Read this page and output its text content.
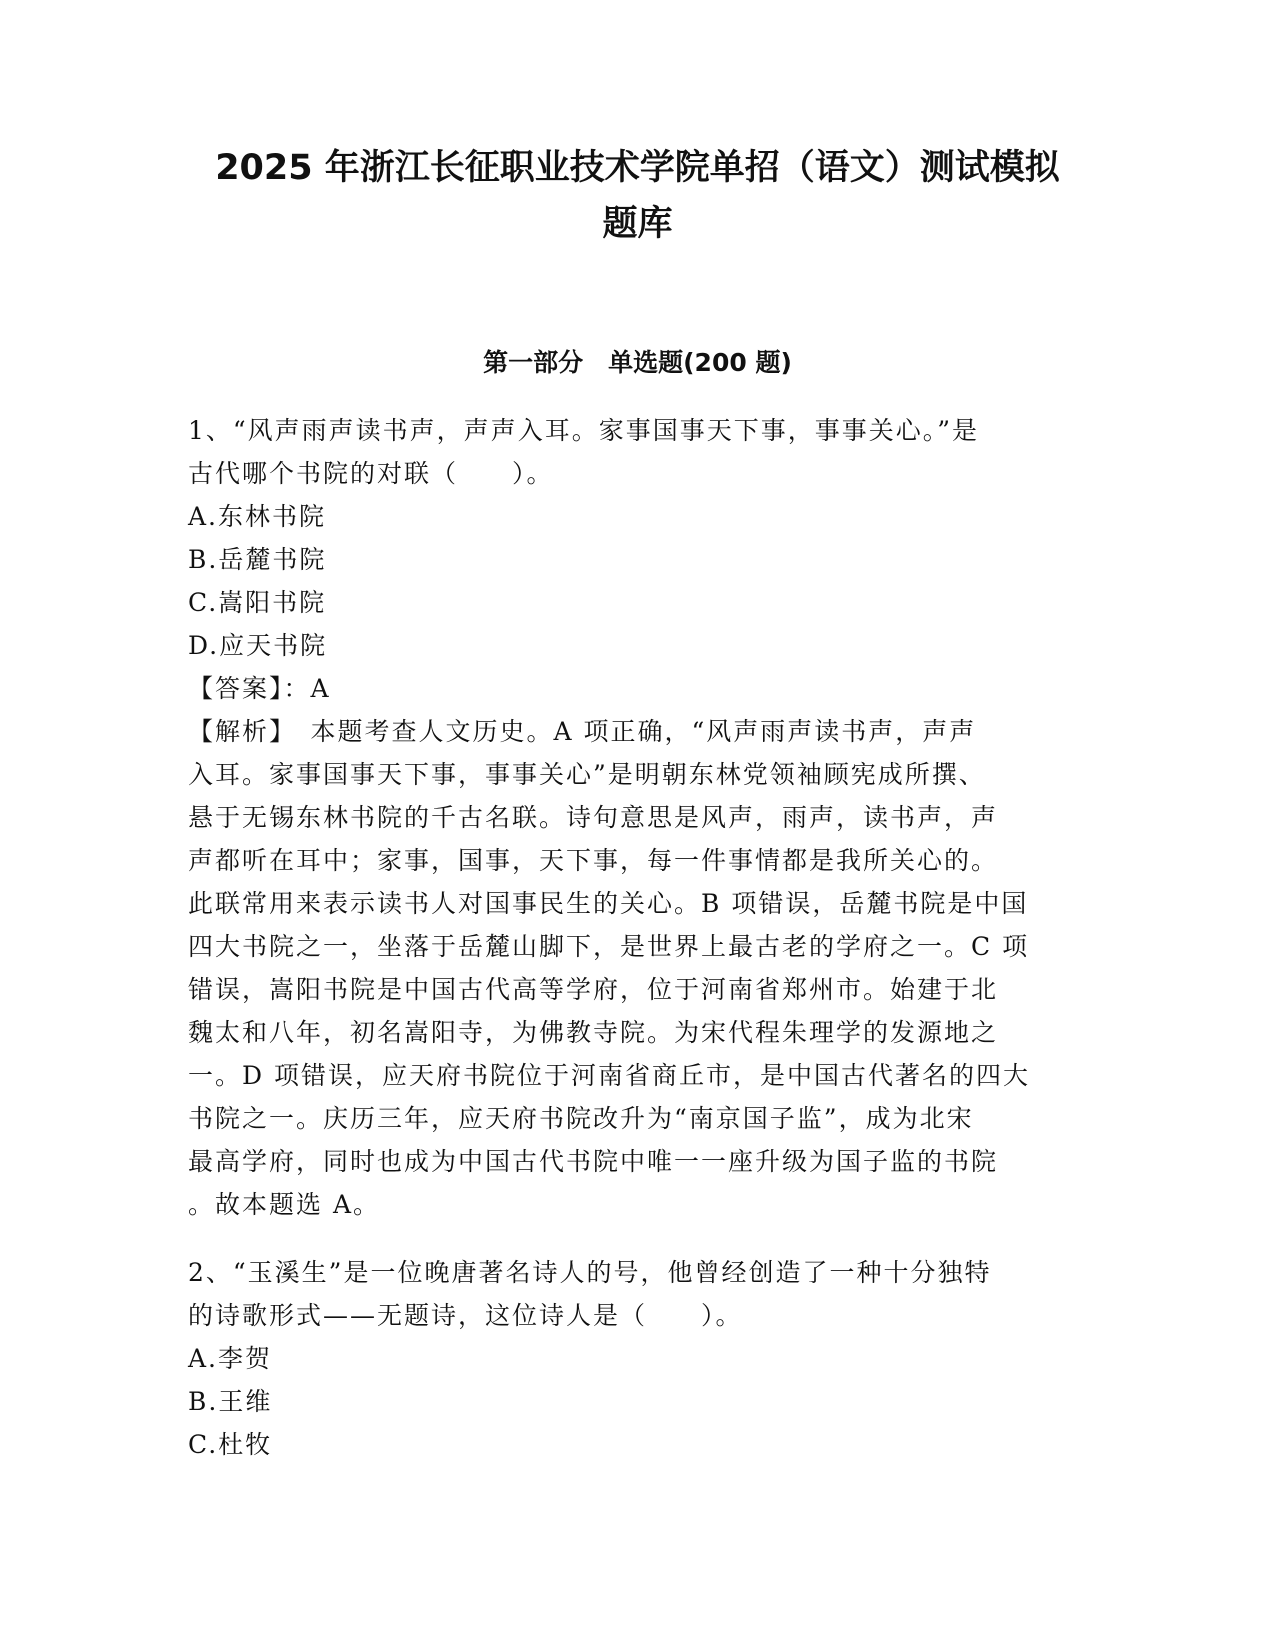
2025 年浙江长征职业技术学院单招（语文）测试模拟
题库
第一部分　单选题(200 题)
1、“风声雨声读书声，声声入耳。家事国事天下事，事事关心。”是
古代哪个书院的对联（　　）。
A.东林书院
B.岳麓书院
C.嵩阳书院
D.应天书院
【答案】：A
【解析】　本题考查人文历史。A 项正确，“风声雨声读书声，声声
入耳。家事国事天下事，事事关心”是明朝东林党领袖顾宪成所撰、
悬于无锡东林书院的千古名联。诗句意思是风声，雨声，读书声，声
声都听在耳中；家事，国事，天下事，每一件事情都是我所关心的。
此联常用来表示读书人对国事民生的关心。B 项错误，岳麓书院是中国
四大书院之一，坐落于岳麓山脚下，是世界上最古老的学府之一。C 项
错误，嵩阳书院是中国古代高等学府，位于河南省郑州市。始建于北
魏太和八年，初名嵩阳寺，为佛教寺院。为宋代程朱理学的发源地之
一。D 项错误，应天府书院位于河南省商丘市，是中国古代著名的四大
书院之一。庆历三年，应天府书院改升为“南京国子监”，成为北宋
最高学府，同时也成为中国古代书院中唯一一座升级为国子监的书院
。故本题选 A。
2、“玉溪生”是一位晚唐著名诗人的号，他曾经创造了一种十分独特
的诗歌形式——无题诗，这位诗人是（　　）。
A.李贺
B.王维
C.杜牧
